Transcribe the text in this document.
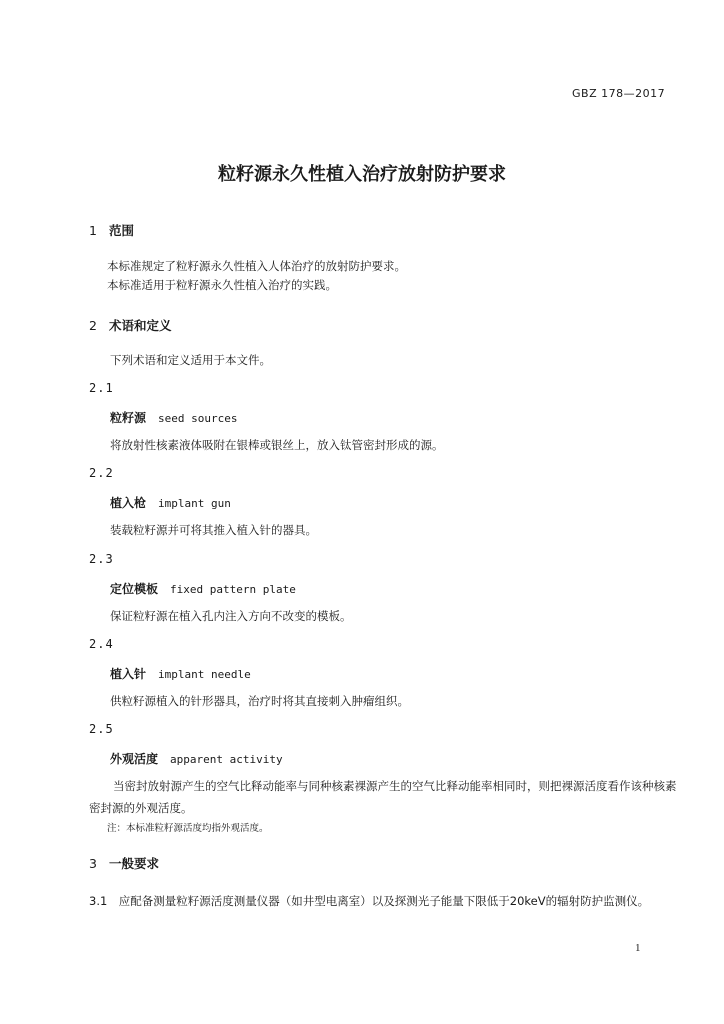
GBZ 178—2017
粒籽源永久性植入治疗放射防护要求
1 范围
本标准规定了粒籽源永久性植入人体治疗的放射防护要求。
本标准适用于粒籽源永久性植入治疗的实践。
2 术语和定义
下列术语和定义适用于本文件。
2.1
粒籽源 seed sources
将放射性核素液体吸附在银棒或银丝上，放入钛管密封形成的源。
2.2
植入枪 implant gun
装载粒籽源并可将其推入植入针的器具。
2.3
定位模板 fixed pattern plate
保证粒籽源在植入孔内注入方向不改变的模板。
2.4
植入针 implant needle
供粒籽源植入的针形器具，治疗时将其直接刺入肿瘤组织。
2.5
外观活度 apparent activity
当密封放射源产生的空气比释动能率与同种核素裸源产生的空气比释动能率相同时，则把裸源活度看作该种核素密封源的外观活度。
注：本标准粒籽源活度均指外观活度。
3 一般要求
3.1　应配备测量粒籽源活度测量仪器（如井型电离室）以及探测光子能量下限低于20keV的辐射防护监测仪。
1
